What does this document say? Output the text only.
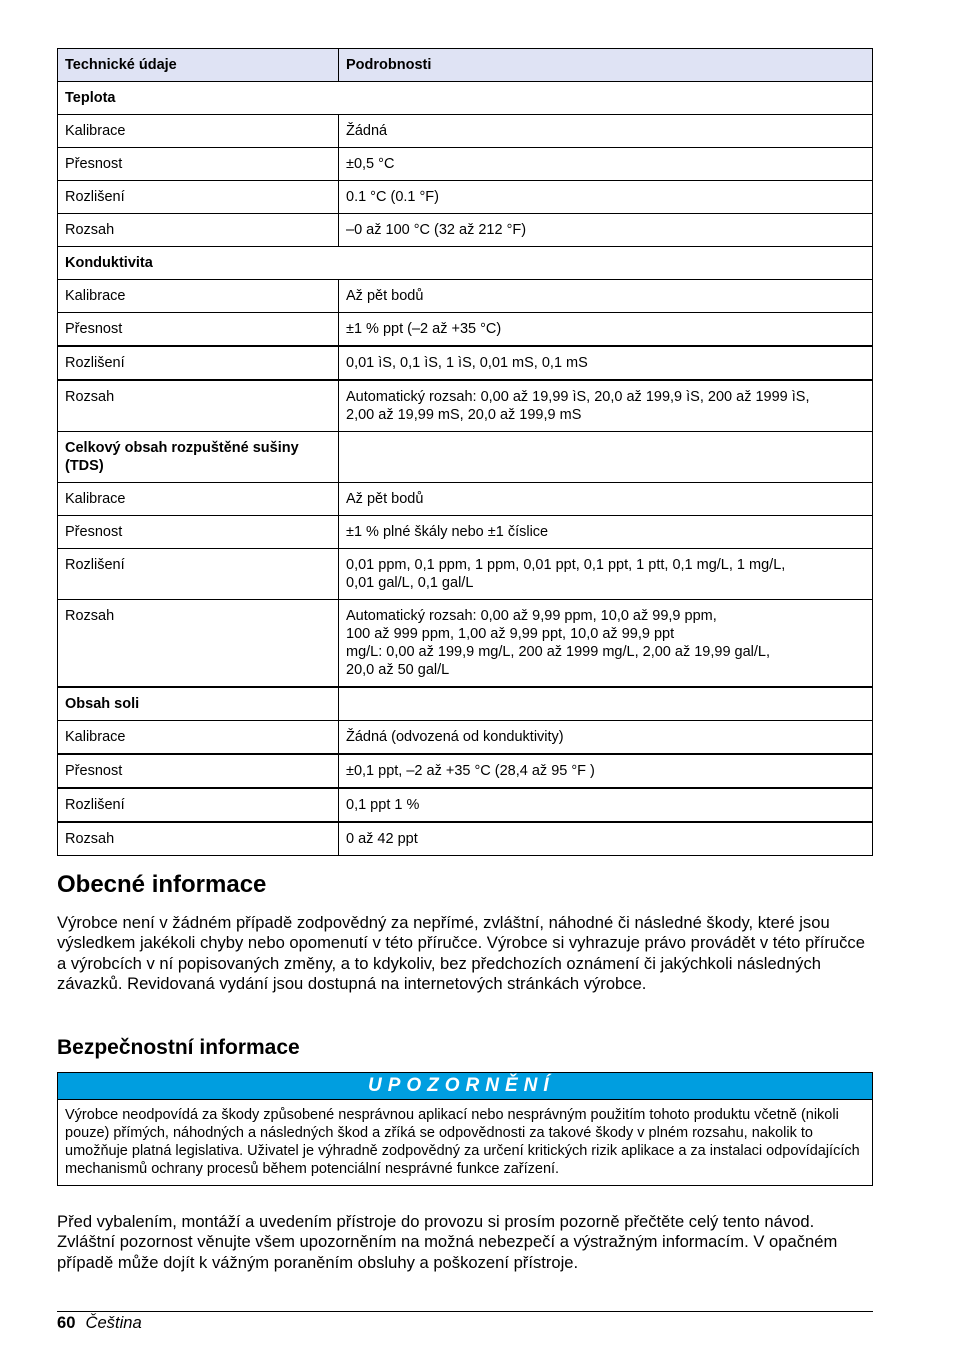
Technické údaje	Podrobnosti
Teplota	
Kalibrace	Žádná
Přesnost	±0,5 °C
Rozlišení	0.1 °C (0.1 °F)
Rozsah	–0 až 100 °C (32 až 212 °F)
Konduktivita	
Kalibrace	Až pět bodů
Přesnost	±1 % ppt (–2 až +35 °C)
Rozlišení	0,01 ìS, 0,1 ìS, 1 ìS, 0,01 mS, 0,1 mS
Rozsah	Automatický rozsah: 0,00 až 19,99 ìS, 20,0 až 199,9 ìS, 200 až 1999 ìS,
2,00 až 19,99 mS, 20,0 až 199,9 mS
Celkový obsah rozpuštěné sušiny (TDS)	
Kalibrace	Až pět bodů
Přesnost	±1 % plné škály nebo ±1 číslice
Rozlišení	0,01 ppm, 0,1 ppm, 1 ppm, 0,01 ppt, 0,1 ppt, 1 ptt, 0,1 mg/L, 1 mg/L,
0,01 gal/L, 0,1 gal/L
Rozsah	Automatický rozsah: 0,00 až 9,99 ppm, 10,0 až 99,9 ppm,
100 až 999 ppm, 1,00 až 9,99 ppt, 10,0 až 99,9 ppt
mg/L: 0,00 až 199,9 mg/L, 200 až 1999 mg/L, 2,00 až 19,99 gal/L,
20,0 až 50 gal/L
Obsah soli	
Kalibrace	Žádná (odvozená od konduktivity)
Přesnost	±0,1 ppt, –2 až +35 °C (28,4 až 95 °F )
Rozlišení	0,1 ppt 1 %
Rozsah	0 až 42 ppt
Obecné informace

Výrobce není v žádném případě zodpovědný za nepřímé, zvláštní, náhodné či následné škody, které jsou výsledkem jakékoli chyby nebo opomenutí v této příručce. Výrobce si vyhrazuje právo provádět v této příručce a výrobcích v ní popisovaných změny, a to kdykoliv, bez předchozích oznámení či jakýchkoli následných závazků. Revidovaná vydání jsou dostupná na internetových stránkách výrobce.

Bezpečnostní informace
UPOZORNĚNÍ
Výrobce neodpovídá za škody způsobené nesprávnou aplikací nebo nesprávným použitím tohoto produktu včetně (nikoli pouze) přímých, náhodných a následných škod a zříká se odpovědnosti za takové škody v plném rozsahu, nakolik to umožňuje platná legislativa. Uživatel je výhradně zodpovědný za určení kritických rizik aplikace a za instalaci odpovídajících mechanismů ochrany procesů během potenciální nesprávné funkce zařízení.

Před vybalením, montáží a uvedením přístroje do provozu si prosím pozorně přečtěte celý tento návod. Zvláštní pozornost věnujte všem upozorněním na možná nebezpečí a výstražným informacím. V opačném případě může dojít k vážným poraněním obsluhy a poškození přístroje.

60 Čeština
